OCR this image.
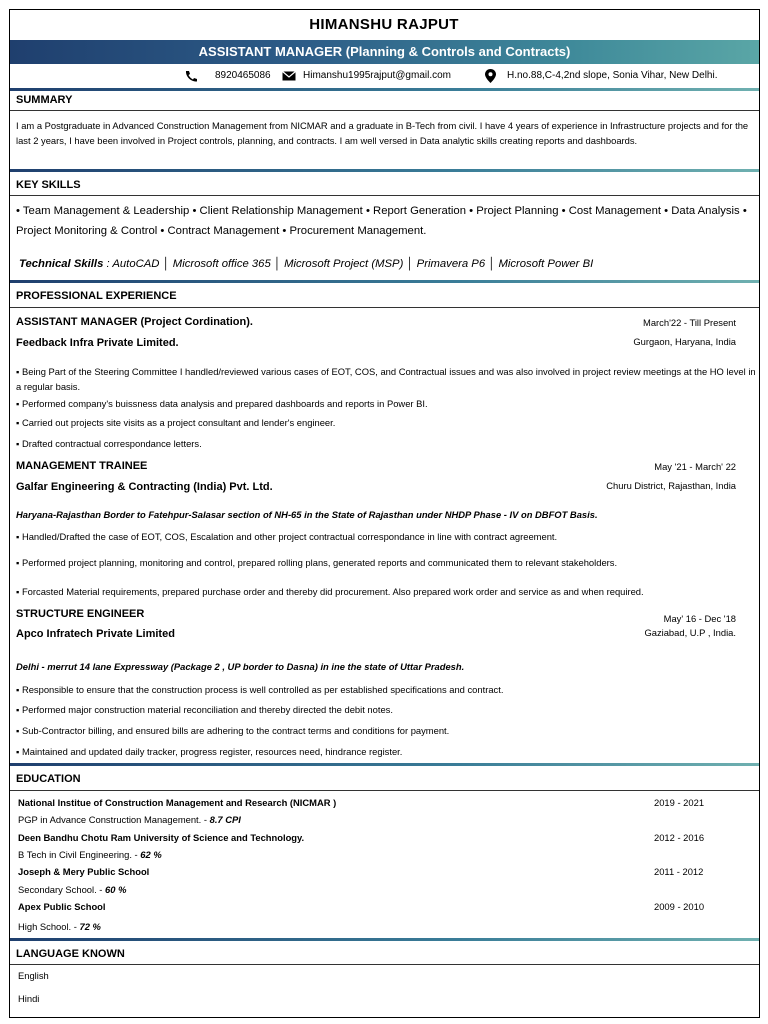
HIMANSHU RAJPUT
ASSISTANT MANAGER (Planning & Controls and Contracts)
8920465086	Himanshu1995rajput@gmail.com	H.no.88,C-4,2nd slope, Sonia Vihar, New Delhi.
SUMMARY
I am a Postgraduate in Advanced Construction Management from NICMAR and a graduate in B-Tech from civil. I have 4 years of experience in Infrastructure projects and for the last 2 years, I have been involved in Project controls, planning, and contracts. I am well versed in Data analytic skills creating reports and dashboards.
KEY SKILLS
• Team Management & Leadership • Client Relationship Management • Report Generation • Project Planning • Cost Management • Data Analysis • Project Monitoring & Control • Contract Management • Procurement Management.
Technical Skills : AutoCAD │ Microsoft office 365 │ Microsoft Project (MSP) │ Primavera P6 │ Microsoft Power BI
PROFESSIONAL EXPERIENCE
ASSISTANT MANAGER (Project Cordination).	March'22 - Till Present
Feedback Infra Private Limited.	Gurgaon, Haryana, India
▪ Being Part of the Steering Committee I handled/reviewed various cases of EOT, COS, and Contractual issues and was also involved in project review meetings at the HO level in a regular basis.
▪ Performed company's buissness data analysis and prepared dashboards and reports in Power BI.
▪ Carried out projects site visits as a project consultant and lender's engineer.
▪ Drafted contractual correspondance letters.
MANAGEMENT TRAINEE	May '21 - March' 22
Galfar Engineering & Contracting (India) Pvt. Ltd.	Churu District, Rajasthan, India
Haryana-Rajasthan Border to Fatehpur-Salasar section of NH-65 in the State of Rajasthan under NHDP Phase - IV on DBFOT Basis.
▪ Handled/Drafted the case of EOT, COS, Escalation and other project contractual correspondance in line with contract agreement.
▪ Performed project planning, monitoring and control, prepared rolling plans, generated reports and communicated them to relevant stakeholders.
▪ Forcasted Material requirements, prepared purchase order and thereby did procurement. Also prepared work order and service as and when required.
STRUCTURE ENGINEER	May' 16 - Dec '18
Apco Infratech Private Limited	Gaziabad, U.P , India.
Delhi - merrut 14 lane Expressway (Package 2 , UP border to Dasna) in ine the state of Uttar Pradesh.
▪ Responsible to ensure that the construction process is well controlled as per established specifications and contract.
▪ Performed major construction material reconciliation and thereby directed the debit notes.
▪ Sub-Contractor billing, and ensured bills are adhering to the contract terms and conditions for payment.
▪ Maintained and updated daily tracker, progress register, resources need, hindrance register.
EDUCATION
National Institue of Construction Management and Research (NICMAR )	2019 - 2021
PGP in Advance Construction Management. - 8.7 CPI
Deen Bandhu Chotu Ram University of Science and Technology.	2012 - 2016
B Tech in Civil Engineering. - 62 %
Joseph & Mery Public School	2011 - 2012
Secondary School. - 60 %
Apex Public School	2009 - 2010
High School. - 72 %
LANGUAGE KNOWN
English
Hindi
